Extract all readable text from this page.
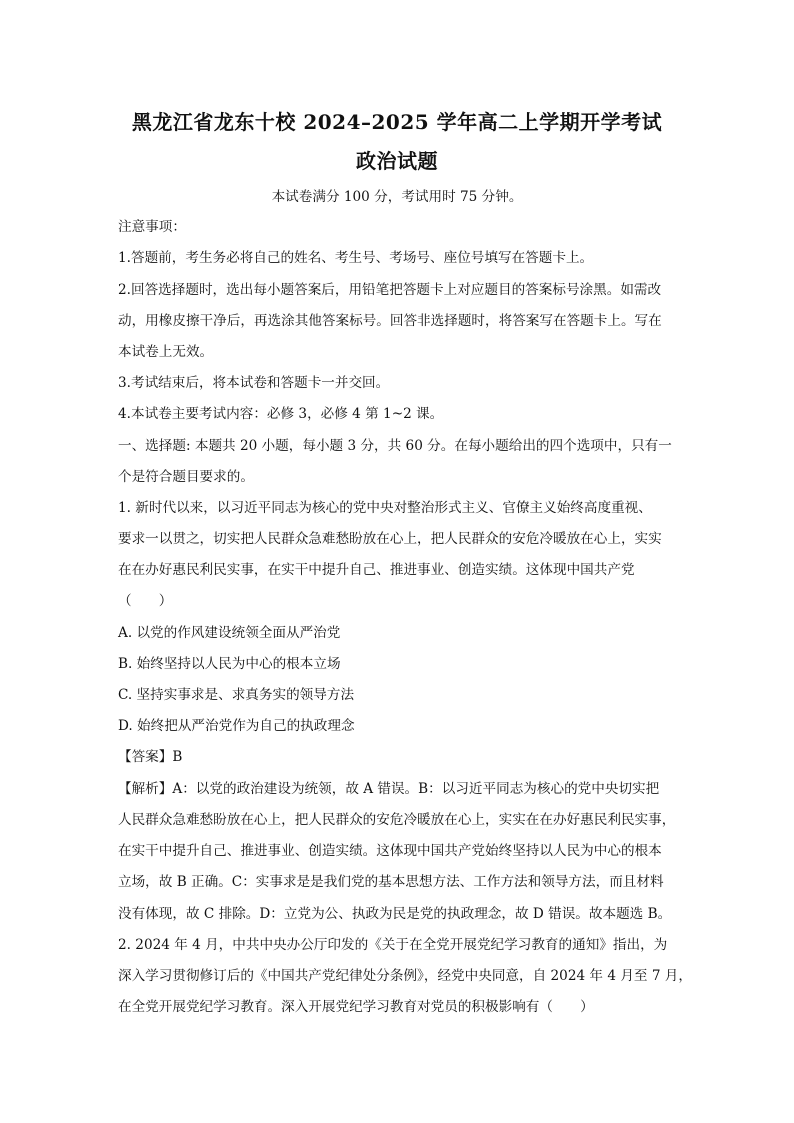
黑龙江省龙东十校 2024–2025 学年高二上学期开学考试
政治试题
本试卷满分 100 分，考试用时 75 分钟。
注意事项：
1.答题前，考生务必将自己的姓名、考生号、考场号、座位号填写在答题卡上。
2.回答选择题时，选出每小题答案后，用铅笔把答题卡上对应题目的答案标号涂黑。如需改
动，用橡皮擦干净后，再选涂其他答案标号。回答非选择题时，将答案写在答题卡上。写在
本试卷上无效。
3.考试结束后，将本试卷和答题卡一并交回。
4.本试卷主要考试内容：必修 3，必修 4 第 1~2 课。
一、选择题: 本题共 20 小题，每小题 3 分，共 60 分。在每小题给出的四个选项中，只有一
个是符合题目要求的。
1. 新时代以来，以习近平同志为核心的党中央对整治形式主义、官僚主义始终高度重视、
要求一以贯之，切实把人民群众急难愁盼放在心上，把人民群众的安危冷暖放在心上，实实
在在办好惠民利民实事，在实干中提升自己、推进事业、创造实绩。这体现中国共产党
（　　）
A. 以党的作风建设统领全面从严治党
B. 始终坚持以人民为中心的根本立场
C. 坚持实事求是、求真务实的领导方法
D. 始终把从严治党作为自己的执政理念
【答案】B
【解析】A：以党的政治建设为统领，故 A 错误。B：以习近平同志为核心的党中央切实把
人民群众急难愁盼放在心上，把人民群众的安危冷暖放在心上，实实在在办好惠民利民实事，
在实干中提升自己、推进事业、创造实绩。这体现中国共产党始终坚持以人民为中心的根本
立场，故 B 正确。C：实事求是是我们党的基本思想方法、工作方法和领导方法，而且材料
没有体现，故 C 排除。D：立党为公、执政为民是党的执政理念，故 D 错误。故本题选 B。
2. 2024 年 4 月，中共中央办公厅印发的《关于在全党开展党纪学习教育的通知》指出，为
深入学习贯彻修订后的《中国共产党纪律处分条例》，经党中央同意，自 2024 年 4 月至 7 月，
在全党开展党纪学习教育。深入开展党纪学习教育对党员的积极影响有（　　）
